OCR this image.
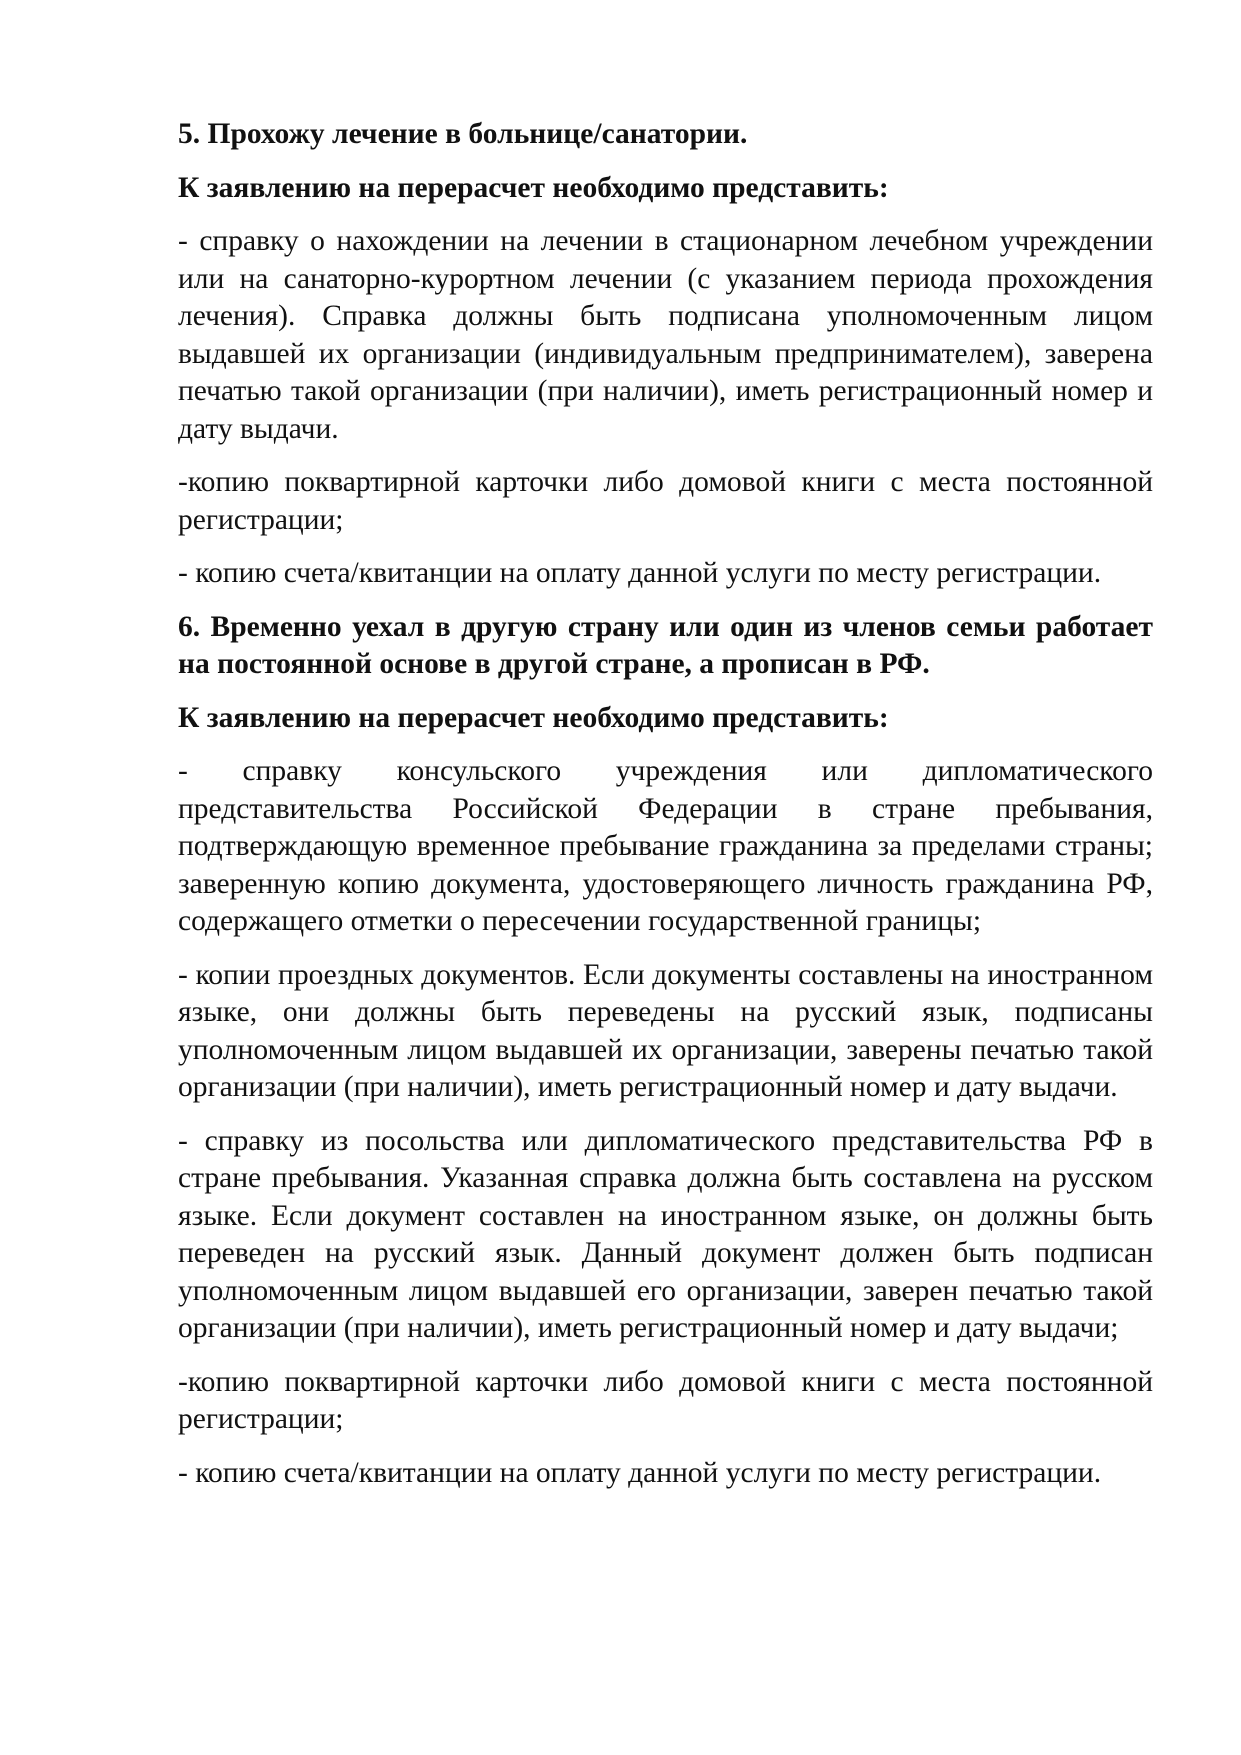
5. Прохожу лечение в больнице/санатории.

К заявлению на перерасчет необходимо представить:

- справку о нахождении на лечении в стационарном лечебном учреждении или на санаторно-курортном лечении (с указанием периода прохождения лечения). Справка должны быть подписана уполномоченным лицом выдавшей их организации (индивидуальным предпринимателем), заверена печатью такой организации (при наличии), иметь регистрационный номер и дату выдачи.

-копию поквартирной карточки либо домовой книги с места постоянной регистрации;

- копию счета/квитанции на оплату данной услуги по месту регистрации.

6. Временно уехал в другую страну или один из членов семьи работает на постоянной основе в другой стране, а прописан в РФ.

К заявлению на перерасчет необходимо представить:

- справку консульского учреждения или дипломатического представительства Российской Федерации в стране пребывания, подтверждающую временное пребывание гражданина за пределами страны; заверенную копию документа, удостоверяющего личность гражданина РФ, содержащего отметки о пересечении государственной границы;

- копии проездных документов. Если документы составлены на иностранном языке, они должны быть переведены на русский язык, подписаны уполномоченным лицом выдавшей их организации, заверены печатью такой организации (при наличии), иметь регистрационный номер и дату выдачи.

- справку из посольства или дипломатического представительства РФ в стране пребывания. Указанная справка должна быть составлена на русском языке. Если документ составлен на иностранном языке, он должны быть переведен на русский язык. Данный документ должен быть подписан уполномоченным лицом выдавшей его организации, заверен печатью такой организации (при наличии), иметь регистрационный номер и дату выдачи;

-копию поквартирной карточки либо домовой книги с места постоянной регистрации;

- копию счета/квитанции на оплату данной услуги по месту регистрации.
